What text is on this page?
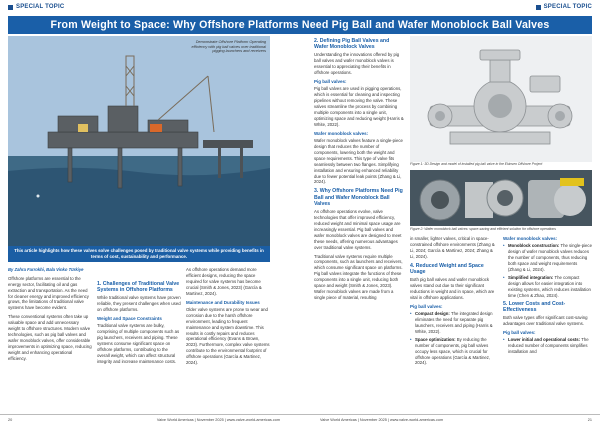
SPECIAL TOPIC	SPECIAL TOPIC
From Weight to Space: Why Offshore Platforms Need Pig Ball and Wafer Monoblock Ball Valves
Demonstrate Offshore Platform Operating efficiency with pig ball valves over traditional pigging launchers and receivers
This article highlights how these valves solve challenges posed by traditional valve systems while providing benefits in terms of cost, sustainability and performance.
By Zahra Farrokhi, Bala Vinko Türkiye

Offshore platforms are essential to the energy sector, facilitating oil and gas extraction and transportation. As the need for cleaner energy and improved efficiency grows, the limitations of traditional valve systems have become evident.

These conventional systems often take up valuable space and add unnecessary weight to offshore structures. Modern valve technologies, such as pig ball valves and wafer monoblock valves, offer considerable improvements in optimizing space, reducing weight and enhancing operational efficiency.

1. Challenges of Traditional Valve Systems in Offshore Platforms

While traditional valve systems have proven reliable, they present challenges when used on offshore platforms.

Weight and Space Constraints

Traditional valve systems are bulky, comprising of multiple components such as pig launchers, receivers and piping. These systems consume significant space on offshore platforms, contributing to the overall weight, which can affect structural integrity and increase maintenance costs.

As offshore operations demand more efficient designs, reducing the space required for valve systems has become crucial (Smith & Jones, 2023) (García & Martinez, 2024).

Maintenance and Durability Issues

Older valve systems are prone to wear and corrosion due to the harsh offshore environment, leading to frequent maintenance and system downtime. This results in costly repairs and reduces operational efficiency (Evans & Brown, 2023). Furthermore, complex valve systems contribute to the environmental footprint of offshore operations (García & Martinez, 2024).

2. Defining Pig Ball Valves and Wafer Monoblock Valves

Understanding the innovations offered by pig ball valves and wafer monoblock valves is essential to appreciating their benefits in offshore operations.

Pig ball valves:

Pig ball valves are used in pigging operations, which is essential for cleaning and inspecting pipelines without removing the valve. These valves streamline the process by combining multiple components into a single unit, optimizing space and reducing weight (Harris & White, 2022).

Wafer monoblock valves:

Wafer monoblock valves feature a single-piece design that reduces the number of components, lowering both the weight and space requirements. This type of valve fits seamlessly between two flanges. Simplifying installation and ensuring enhanced reliability due to fewer potential leak points (Zhang & Li, 2024).

3. Why Offshore Platforms Need Pig Ball and Wafer Monoblock Ball Valves

As offshore operations evolve, valve technologies that offer improved efficiency, reduced weight and minimal space usage are increasingly essential. Pig ball valves and wafer monoblock valves are designed to meet these needs, offering numerous advantages over traditional valve systems.

Traditional valve systems require multiple components, such as launchers and receivers, which consume significant space on platforms. Pig ball valves integrate the functions of these components into a single unit, reducing both space and weight (Smith & Jones, 2023). Wafer monoblock valves are made from a single piece of material, resulting

Figure 1: 3D Design and model of installed pig ball valve in the Ekinsen Offshore Project
Figure 2: Wafer monoblock ball valves: space-saving and efficient solution for offshore operations

in smaller, lighter valves, critical in space-constrained offshore environments (Zhang & Li, 2024; García & Martinez, 2024; Zhang & Li, 2024).

4. Reduced Weight and Space Usage

Both pig ball valves and wafer monoblock valves stand out due to their significant reductions in weight and in space, which are vital in offshore applications.

Pig ball valves:
• Compact design: The integrated design eliminates the need for separate pig launchers, receivers and piping (Harris & White, 2022).
• Space optimization: By reducing the number of components, pig ball valves occupy less space, which is crucial for offshore operations (García & Martinez, 2024).
Wafer monoblock valves:
• Monoblock construction: The single-piece design of wafer monoblock valves reduces the number of components, thus reducing both space and weight requirements (Zhang & Li, 2024).
• Simplified integration: The compact design allows for easier integration into existing systems, which reduces installation time (Chen & Zhao, 2024).
5. Lower Costs and Cost-Effectiveness

Both valve types offer significant cost-saving advantages over traditional valve systems.

Pig ball valves:
• Lower initial and operational costs: The reduced number of components simplifies installation and
20	Valve World Americas | November 2025 | www.valve-world-americas.com	Valve World Americas | November 2025 | www.valve-world-americas.com	21
